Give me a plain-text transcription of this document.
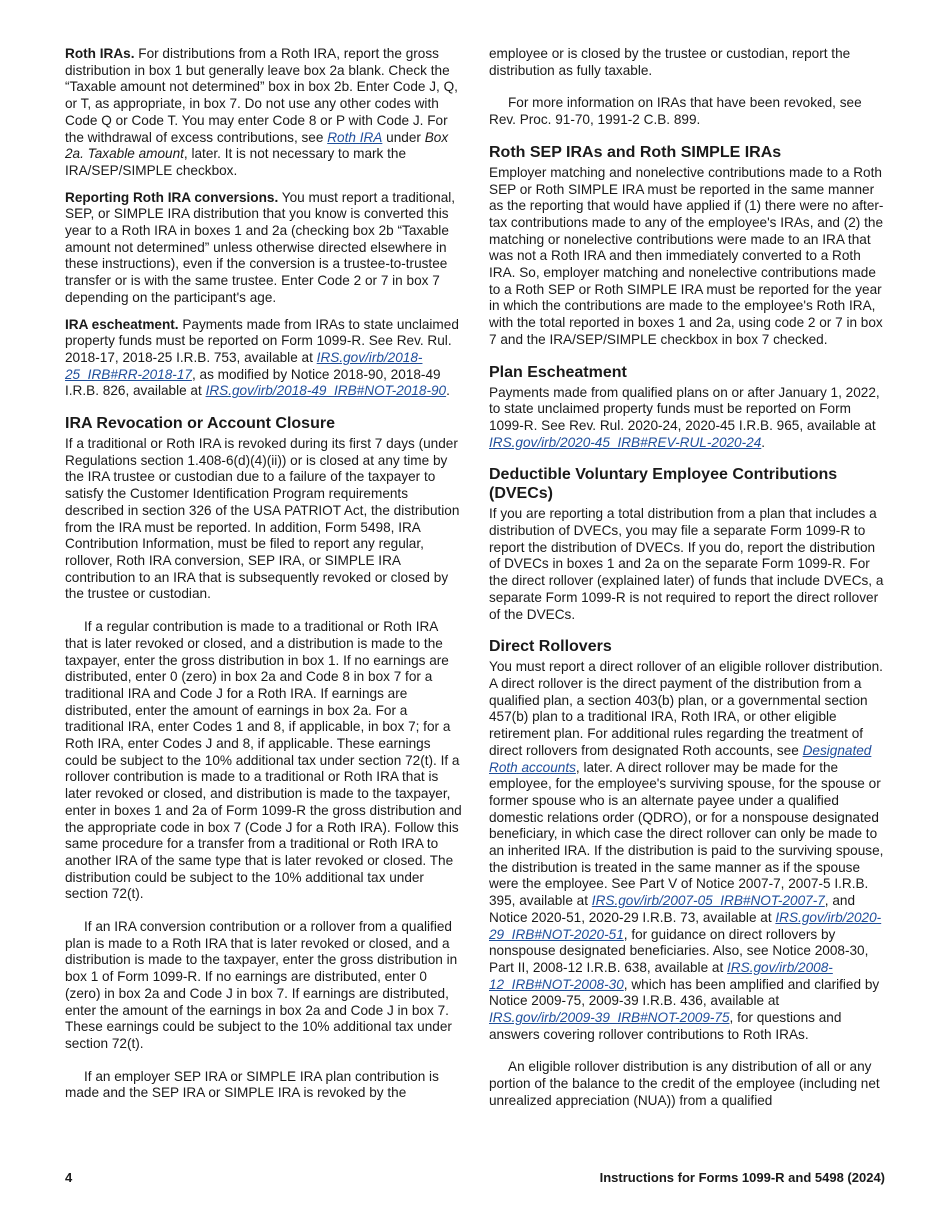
Roth IRAs. For distributions from a Roth IRA, report the gross distribution in box 1 but generally leave box 2a blank. Check the “Taxable amount not determined” box in box 2b. Enter Code J, Q, or T, as appropriate, in box 7. Do not use any other codes with Code Q or Code T. You may enter Code 8 or P with Code J. For the withdrawal of excess contributions, see Roth IRA under Box 2a. Taxable amount, later. It is not necessary to mark the IRA/SEP/SIMPLE checkbox.

Reporting Roth IRA conversions. You must report a traditional, SEP, or SIMPLE IRA distribution that you know is converted this year to a Roth IRA in boxes 1 and 2a (checking box 2b “Taxable amount not determined” unless otherwise directed elsewhere in these instructions), even if the conversion is a trustee-to-trustee transfer or is with the same trustee. Enter Code 2 or 7 in box 7 depending on the participant's age.

IRA escheatment. Payments made from IRAs to state unclaimed property funds must be reported on Form 1099-R. See Rev. Rul. 2018-17, 2018-25 I.R.B. 753, available at IRS.gov/irb/2018-25_IRB#RR-2018-17, as modified by Notice 2018-90, 2018-49 I.R.B. 826, available at IRS.gov/irb/2018-49_IRB#NOT-2018-90.

IRA Revocation or Account Closure

If a traditional or Roth IRA is revoked during its first 7 days (under Regulations section 1.408-6(d)(4)(ii)) or is closed at any time by the IRA trustee or custodian due to a failure of the taxpayer to satisfy the Customer Identification Program requirements described in section 326 of the USA PATRIOT Act, the distribution from the IRA must be reported. In addition, Form 5498, IRA Contribution Information, must be filed to report any regular, rollover, Roth IRA conversion, SEP IRA, or SIMPLE IRA contribution to an IRA that is subsequently revoked or closed by the trustee or custodian.

If a regular contribution is made to a traditional or Roth IRA that is later revoked or closed, and a distribution is made to the taxpayer, enter the gross distribution in box 1. If no earnings are distributed, enter 0 (zero) in box 2a and Code 8 in box 7 for a traditional IRA and Code J for a Roth IRA. If earnings are distributed, enter the amount of earnings in box 2a. For a traditional IRA, enter Codes 1 and 8, if applicable, in box 7; for a Roth IRA, enter Codes J and 8, if applicable. These earnings could be subject to the 10% additional tax under section 72(t). If a rollover contribution is made to a traditional or Roth IRA that is later revoked or closed, and distribution is made to the taxpayer, enter in boxes 1 and 2a of Form 1099-R the gross distribution and the appropriate code in box 7 (Code J for a Roth IRA). Follow this same procedure for a transfer from a traditional or Roth IRA to another IRA of the same type that is later revoked or closed. The distribution could be subject to the 10% additional tax under section 72(t).

If an IRA conversion contribution or a rollover from a qualified plan is made to a Roth IRA that is later revoked or closed, and a distribution is made to the taxpayer, enter the gross distribution in box 1 of Form 1099-R. If no earnings are distributed, enter 0 (zero) in box 2a and Code J in box 7. If earnings are distributed, enter the amount of the earnings in box 2a and Code J in box 7. These earnings could be subject to the 10% additional tax under section 72(t).

If an employer SEP IRA or SIMPLE IRA plan contribution is made and the SEP IRA or SIMPLE IRA is revoked by the

employee or is closed by the trustee or custodian, report the distribution as fully taxable.

For more information on IRAs that have been revoked, see Rev. Proc. 91-70, 1991-2 C.B. 899.

Roth SEP IRAs and Roth SIMPLE IRAs

Employer matching and nonelective contributions made to a Roth SEP or Roth SIMPLE IRA must be reported in the same manner as the reporting that would have applied if (1) there were no after-tax contributions made to any of the employee's IRAs, and (2) the matching or nonelective contributions were made to an IRA that was not a Roth IRA and then immediately converted to a Roth IRA. So, employer matching and nonelective contributions made to a Roth SEP or Roth SIMPLE IRA must be reported for the year in which the contributions are made to the employee's Roth IRA, with the total reported in boxes 1 and 2a, using code 2 or 7 in box 7 and the IRA/SEP/SIMPLE checkbox in box 7 checked.

Plan Escheatment

Payments made from qualified plans on or after January 1, 2022, to state unclaimed property funds must be reported on Form 1099-R. See Rev. Rul. 2020-24, 2020-45 I.R.B. 965, available at IRS.gov/irb/2020-45_IRB#REV-RUL-2020-24.

Deductible Voluntary Employee Contributions (DVECs)

If you are reporting a total distribution from a plan that includes a distribution of DVECs, you may file a separate Form 1099-R to report the distribution of DVECs. If you do, report the distribution of DVECs in boxes 1 and 2a on the separate Form 1099-R. For the direct rollover (explained later) of funds that include DVECs, a separate Form 1099-R is not required to report the direct rollover of the DVECs.

Direct Rollovers

You must report a direct rollover of an eligible rollover distribution. A direct rollover is the direct payment of the distribution from a qualified plan, a section 403(b) plan, or a governmental section 457(b) plan to a traditional IRA, Roth IRA, or other eligible retirement plan. For additional rules regarding the treatment of direct rollovers from designated Roth accounts, see Designated Roth accounts, later. A direct rollover may be made for the employee, for the employee's surviving spouse, for the spouse or former spouse who is an alternate payee under a qualified domestic relations order (QDRO), or for a nonspouse designated beneficiary, in which case the direct rollover can only be made to an inherited IRA. If the distribution is paid to the surviving spouse, the distribution is treated in the same manner as if the spouse were the employee. See Part V of Notice 2007-7, 2007-5 I.R.B. 395, available at IRS.gov/irb/2007-05_IRB#NOT-2007-7, and Notice 2020-51, 2020-29 I.R.B. 73, available at IRS.gov/irb/2020-29_IRB#NOT-2020-51, for guidance on direct rollovers by nonspouse designated beneficiaries. Also, see Notice 2008-30, Part II, 2008-12 I.R.B. 638, available at IRS.gov/irb/2008-12_IRB#NOT-2008-30, which has been amplified and clarified by Notice 2009-75, 2009-39 I.R.B. 436, available at IRS.gov/irb/2009-39_IRB#NOT-2009-75, for questions and answers covering rollover contributions to Roth IRAs.

An eligible rollover distribution is any distribution of all or any portion of the balance to the credit of the employee (including net unrealized appreciation (NUA)) from a qualified

4	Instructions for Forms 1099-R and 5498 (2024)
